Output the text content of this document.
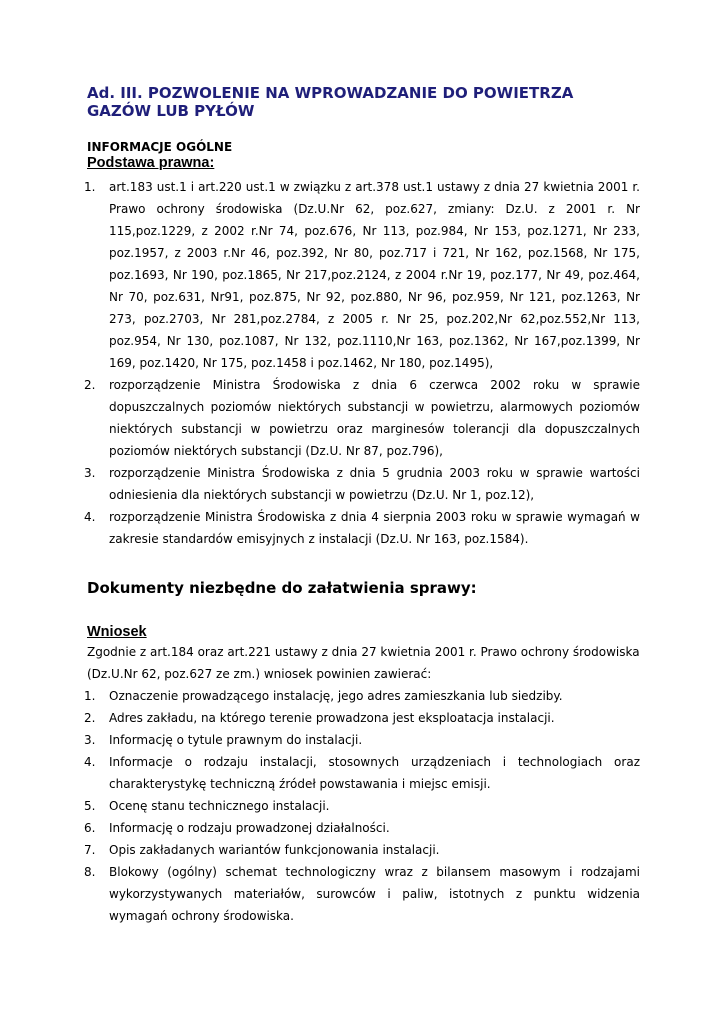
Ad. III. POZWOLENIE NA WPROWADZANIE DO POWIETRZA
GAZÓW LUB PYŁÓW
INFORMACJE OGÓLNE
Podstawa prawna:
1. art.183 ust.1 i art.220 ust.1 w związku z art.378 ust.1 ustawy z dnia 27 kwietnia 2001 r. Prawo ochrony środowiska (Dz.U.Nr 62, poz.627, zmiany: Dz.U. z 2001 r. Nr 115,poz.1229, z 2002 r.Nr 74, poz.676, Nr 113, poz.984, Nr 153, poz.1271, Nr 233, poz.1957, z 2003 r.Nr 46, poz.392, Nr 80, poz.717 i 721, Nr 162, poz.1568, Nr 175, poz.1693, Nr 190, poz.1865, Nr 217,poz.2124, z 2004 r.Nr 19, poz.177, Nr 49, poz.464, Nr 70, poz.631, Nr91, poz.875, Nr 92, poz.880, Nr 96, poz.959, Nr 121, poz.1263, Nr 273, poz.2703, Nr 281,poz.2784, z 2005 r. Nr 25, poz.202,Nr 62,poz.552,Nr 113, poz.954, Nr 130, poz.1087, Nr 132, poz.1110,Nr 163, poz.1362, Nr 167,poz.1399, Nr 169, poz.1420, Nr 175, poz.1458 i poz.1462, Nr 180, poz.1495),
2. rozporządzenie Ministra Środowiska z dnia 6 czerwca 2002 roku w sprawie dopuszczalnych poziomów niektórych substancji w powietrzu, alarmowych poziomów niektórych substancji w powietrzu oraz marginesów tolerancji dla dopuszczalnych poziomów niektórych substancji (Dz.U. Nr 87, poz.796),
3. rozporządzenie Ministra Środowiska z dnia 5 grudnia 2003 roku w sprawie wartości odniesienia dla niektórych substancji w powietrzu (Dz.U. Nr 1, poz.12),
4. rozporządzenie Ministra Środowiska z dnia 4 sierpnia 2003 roku w sprawie wymagań w zakresie standardów emisyjnych z instalacji (Dz.U. Nr 163, poz.1584).
Dokumenty niezbędne do załatwienia sprawy:
Wniosek

Zgodnie z art.184 oraz art.221 ustawy z dnia 27 kwietnia 2001 r. Prawo ochrony środowiska (Dz.U.Nr 62, poz.627 ze zm.) wniosek powinien zawierać:

1. Oznaczenie prowadzącego instalację, jego adres zamieszkania lub siedziby.
2. Adres zakładu, na którego terenie prowadzona jest eksploatacja instalacji.
3. Informację o tytule prawnym do instalacji.
4. Informacje o rodzaju instalacji, stosownych urządzeniach i technologiach oraz charakterystykę techniczną źródeł powstawania i miejsc emisji.
5. Ocenę stanu technicznego instalacji.
6. Informację o rodzaju prowadzonej działalności.
7. Opis zakładanych wariantów funkcjonowania instalacji.
8. Blokowy (ogólny) schemat technologiczny wraz z bilansem masowym i rodzajami wykorzystywanych materiałów, surowców i paliw, istotnych z punktu widzenia wymagań ochrony środowiska.
